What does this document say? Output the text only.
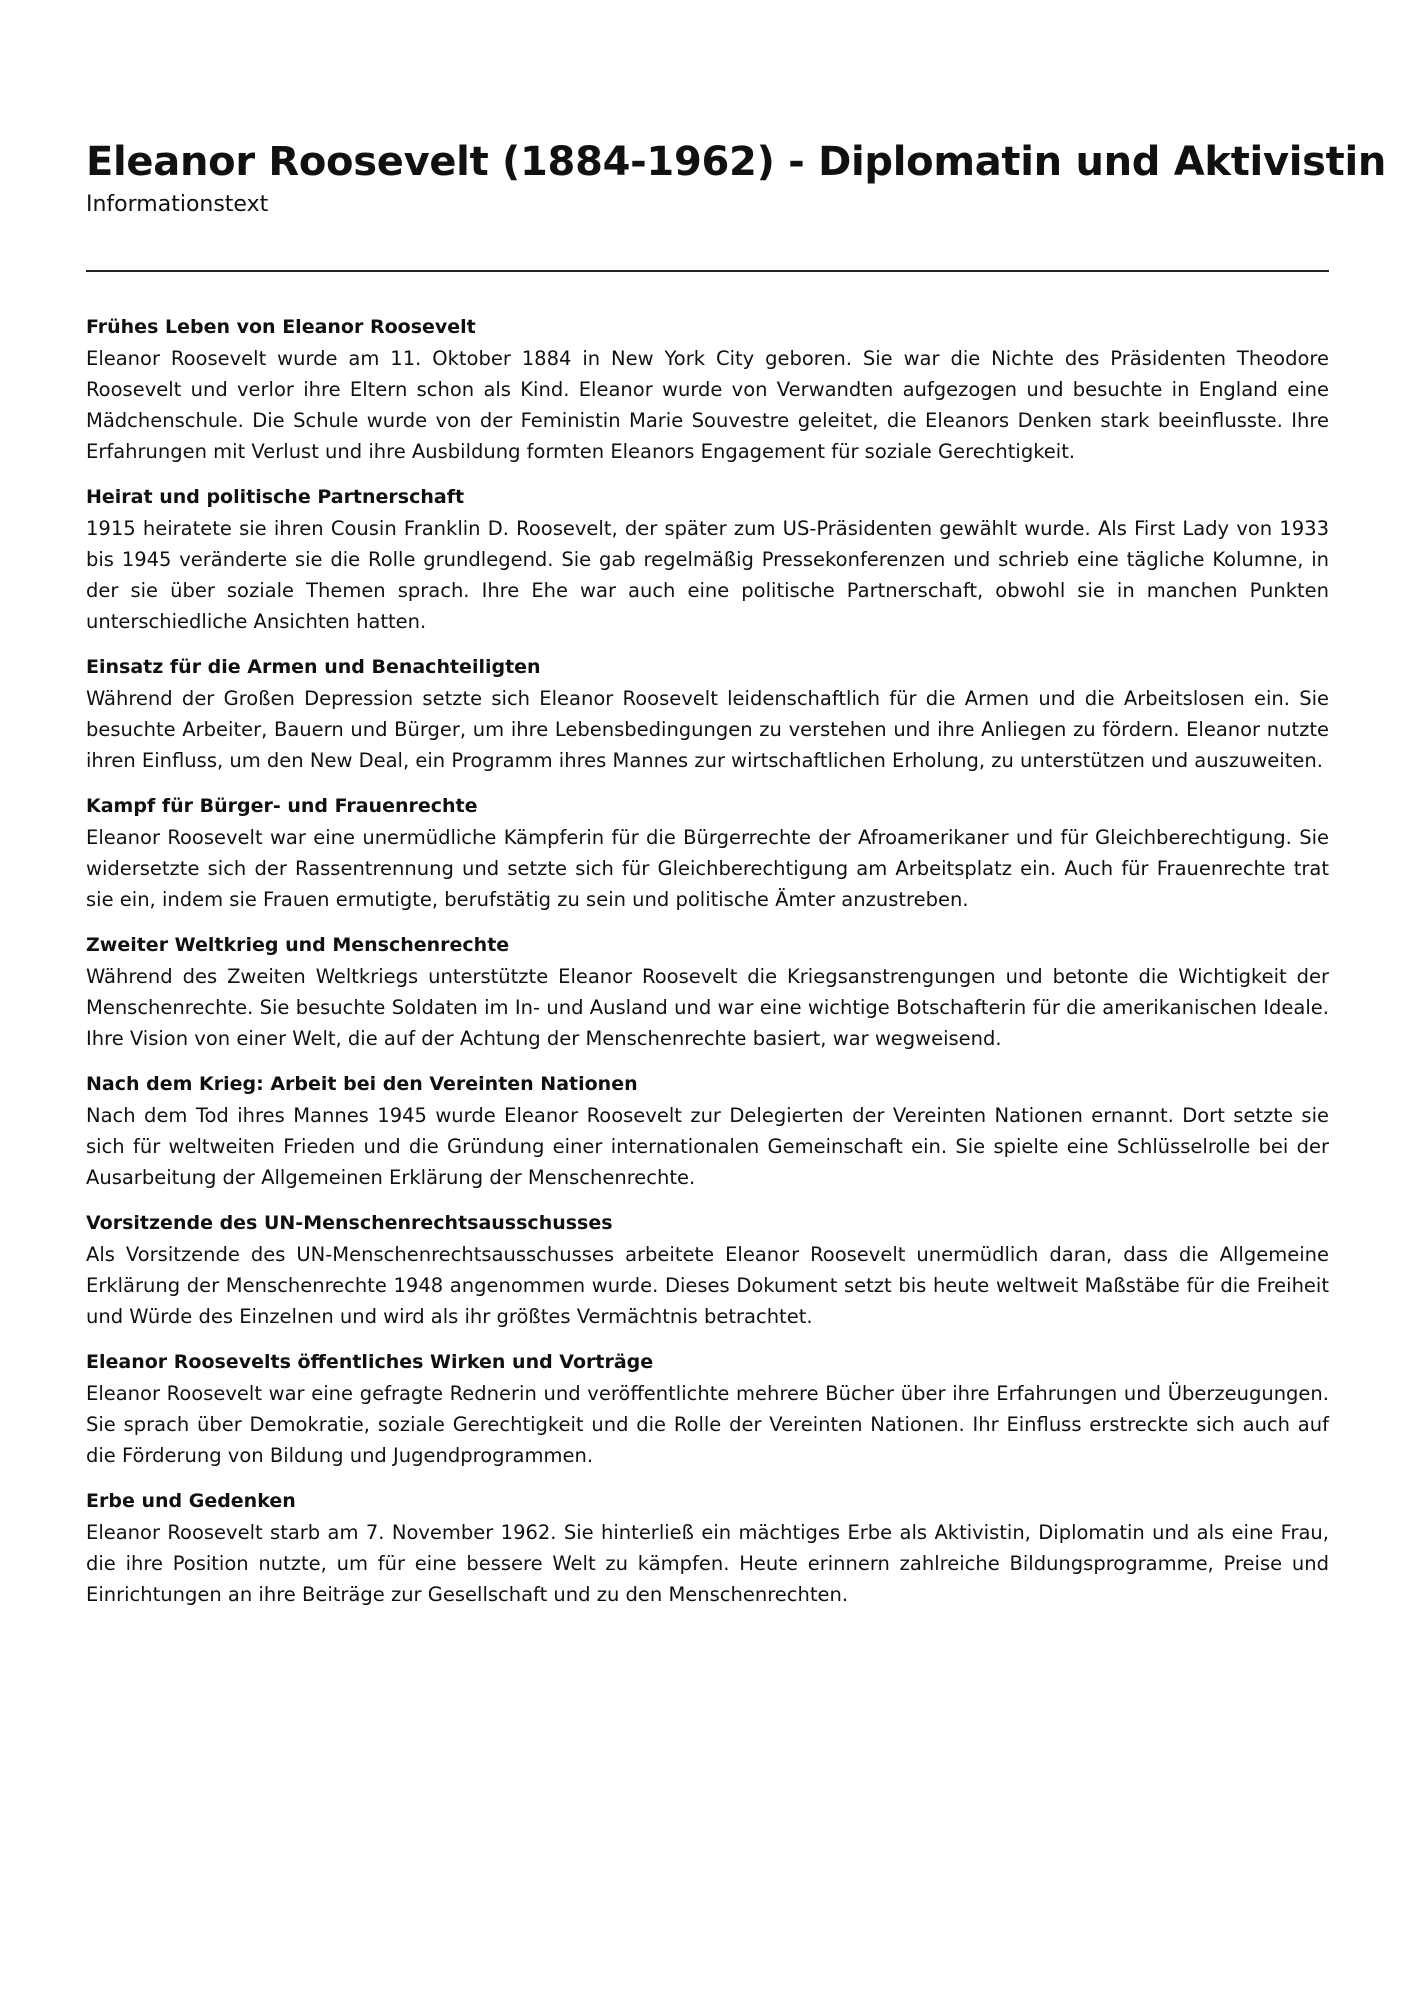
Eleanor Roosevelt (1884-1962) - Diplomatin und Aktivistin
Informationstext
Frühes Leben von Eleanor Roosevelt

Eleanor Roosevelt wurde am 11. Oktober 1884 in New York City geboren. Sie war die Nichte des Präsidenten Theodore Roosevelt und verlor ihre Eltern schon als Kind. Eleanor wurde von Verwandten aufgezogen und besuchte in England eine Mädchenschule. Die Schule wurde von der Feministin Marie Souvestre geleitet, die Eleanors Denken stark beeinflusste. Ihre Erfahrungen mit Verlust und ihre Ausbildung formten Eleanors Engagement für soziale Gerechtigkeit.

Heirat und politische Partnerschaft

1915 heiratete sie ihren Cousin Franklin D. Roosevelt, der später zum US-Präsidenten gewählt wurde. Als First Lady von 1933 bis 1945 veränderte sie die Rolle grundlegend. Sie gab regelmäßig Pressekonferenzen und schrieb eine tägliche Kolumne, in der sie über soziale Themen sprach. Ihre Ehe war auch eine politische Partnerschaft, obwohl sie in manchen Punkten unterschiedliche Ansichten hatten.

Einsatz für die Armen und Benachteiligten

Während der Großen Depression setzte sich Eleanor Roosevelt leidenschaftlich für die Armen und die Arbeitslosen ein. Sie besuchte Arbeiter, Bauern und Bürger, um ihre Lebensbedingungen zu verstehen und ihre Anliegen zu fördern. Eleanor nutzte ihren Einfluss, um den New Deal, ein Programm ihres Mannes zur wirtschaftlichen Erholung, zu unterstützen und auszuweiten.

Kampf für Bürger- und Frauenrechte

Eleanor Roosevelt war eine unermüdliche Kämpferin für die Bürgerrechte der Afroamerikaner und für Gleichberechtigung. Sie widersetzte sich der Rassentrennung und setzte sich für Gleichberechtigung am Arbeitsplatz ein. Auch für Frauenrechte trat sie ein, indem sie Frauen ermutigte, berufstätig zu sein und politische Ämter anzustreben.

Zweiter Weltkrieg und Menschenrechte

Während des Zweiten Weltkriegs unterstützte Eleanor Roosevelt die Kriegsanstrengungen und betonte die Wichtigkeit der Menschenrechte. Sie besuchte Soldaten im In- und Ausland und war eine wichtige Botschafterin für die amerikanischen Ideale. Ihre Vision von einer Welt, die auf der Achtung der Menschenrechte basiert, war wegweisend.

Nach dem Krieg: Arbeit bei den Vereinten Nationen

Nach dem Tod ihres Mannes 1945 wurde Eleanor Roosevelt zur Delegierten der Vereinten Nationen ernannt. Dort setzte sie sich für weltweiten Frieden und die Gründung einer internationalen Gemeinschaft ein. Sie spielte eine Schlüsselrolle bei der Ausarbeitung der Allgemeinen Erklärung der Menschenrechte.

Vorsitzende des UN-Menschenrechtsausschusses

Als Vorsitzende des UN-Menschenrechtsausschusses arbeitete Eleanor Roosevelt unermüdlich daran, dass die Allgemeine Erklärung der Menschenrechte 1948 angenommen wurde. Dieses Dokument setzt bis heute weltweit Maßstäbe für die Freiheit und Würde des Einzelnen und wird als ihr größtes Vermächtnis betrachtet.

Eleanor Roosevelts öffentliches Wirken und Vorträge

Eleanor Roosevelt war eine gefragte Rednerin und veröffentlichte mehrere Bücher über ihre Erfahrungen und Überzeugungen. Sie sprach über Demokratie, soziale Gerechtigkeit und die Rolle der Vereinten Nationen. Ihr Einfluss erstreckte sich auch auf die Förderung von Bildung und Jugendprogrammen.

Erbe und Gedenken

Eleanor Roosevelt starb am 7. November 1962. Sie hinterließ ein mächtiges Erbe als Aktivistin, Diplomatin und als eine Frau, die ihre Position nutzte, um für eine bessere Welt zu kämpfen. Heute erinnern zahlreiche Bildungsprogramme, Preise und Einrichtungen an ihre Beiträge zur Gesellschaft und zu den Menschenrechten.
